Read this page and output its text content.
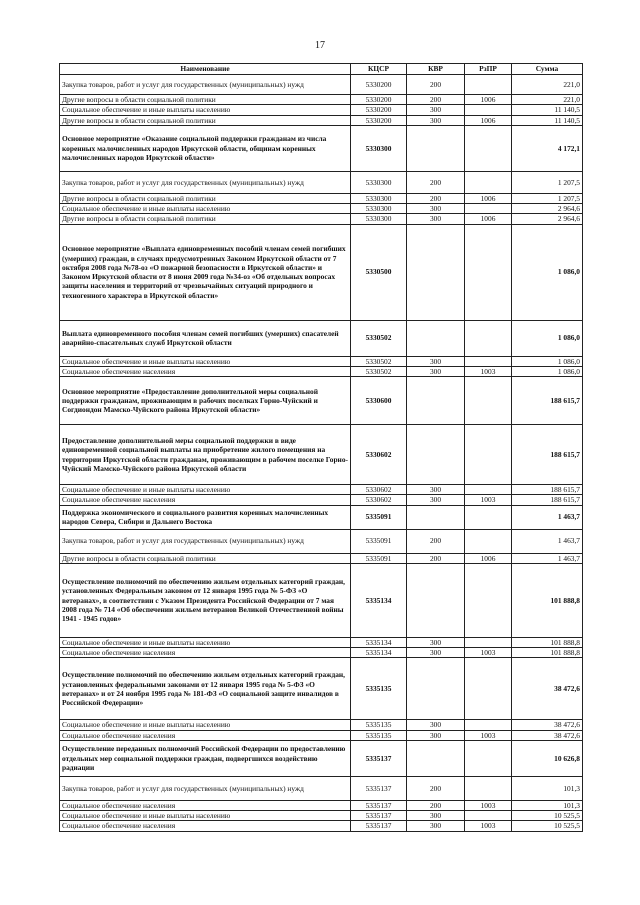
17
Наименование	КЦСР	КВР	РзПР	Сумма
Закупка товаров, работ и услуг для государственных (муниципальных) нужд	5330200	200		221,0
Другие вопросы в области социальной политики	5330200	200	1006	221,0
Социальное обеспечение и иные выплаты населению	5330200	300		11 140,5
Другие вопросы в области социальной политики	5330200	300	1006	11 140,5
Основное мероприятие «Оказание социальной поддержки гражданам из числа коренных малочисленных народов Иркутской области, общинам коренных малочисленных народов Иркутской области»	5330300			4 172,1
Закупка товаров, работ и услуг для государственных (муниципальных) нужд	5330300	200		1 207,5
Другие вопросы в области социальной политики	5330300	200	1006	1 207,5
Социальное обеспечение и иные выплаты населению	5330300	300		2 964,6
Другие вопросы в области социальной политики	5330300	300	1006	2 964,6
Основное мероприятие «Выплата единовременных пособий членам семей погибших (умерших) граждан, в случаях предусмотренных Законом Иркутской области от 7 октября 2008 года №78-оз «О пожарной безопасности в Иркутской области» и Законом Иркутской области от 8 июня 2009 года №34-оз «Об отдельных вопросах защиты населения и территорий от чрезвычайных ситуаций природного и техногенного характера в Иркутской области»	5330500			1 086,0
Выплата единовременного пособия членам семей погибших (умерших) спасателей аварийно-спасательных служб Иркутской области	5330502			1 086,0
Социальное обеспечение и иные выплаты населению	5330502	300		1 086,0
Социальное обеспечение населения	5330502	300	1003	1 086,0
Основное мероприятие «Предоставление дополнительной меры социальной поддержки гражданам, проживающим в рабочих поселках Горно-Чуйский и Согдиондон Мамско-Чуйского района Иркутской области»	5330600			188 615,7
Предоставление дополнительной меры социальной поддержки в виде единовременной социальной выплаты на приобретение жилого помещения на территории Иркутской области гражданам, проживающим в рабочем поселке Горно-Чуйский Мамско-Чуйского района Иркутской области	5330602			188 615,7
Социальное обеспечение и иные выплаты населению	5330602	300		188 615,7
Социальное обеспечение населения	5330602	300	1003	188 615,7
Поддержка экономического и социального развития коренных малочисленных народов Севера, Сибири и Дальнего Востока	5335091			1 463,7
Закупка товаров, работ и услуг для государственных (муниципальных) нужд	5335091	200		1 463,7
Другие вопросы в области социальной политики	5335091	200	1006	1 463,7
Осуществление полномочий по обеспечению жильем отдельных категорий граждан, установленных Федеральным законом от 12 января 1995 года № 5-ФЗ «О ветеранах», в соответствии с Указом Президента Российской Федерации от 7 мая 2008 года № 714 «Об обеспечении жильем ветеранов Великой Отечественной войны 1941 - 1945 годов»	5335134			101 888,8
Социальное обеспечение и иные выплаты населению	5335134	300		101 888,8
Социальное обеспечение населения	5335134	300	1003	101 888,8
Осуществление полномочий по обеспечению жильем отдельных категорий граждан, установленных федеральными законами от 12 января 1995 года № 5-ФЗ «О ветеранах» и от 24 ноября 1995 года № 181-ФЗ «О социальной защите инвалидов в Российской Федерации»	5335135			38 472,6
Социальное обеспечение и иные выплаты населению	5335135	300		38 472,6
Социальное обеспечение населения	5335135	300	1003	38 472,6
Осуществление переданных полномочий Российской Федерации по предоставлению отдельных мер социальной поддержки граждан, подвергшихся воздействию радиации	5335137			10 626,8
Закупка товаров, работ и услуг для государственных (муниципальных) нужд	5335137	200		101,3
Социальное обеспечение населения	5335137	200	1003	101,3
Социальное обеспечение и иные выплаты населению	5335137	300		10 525,5
Социальное обеспечение населения	5335137	300	1003	10 525,5
